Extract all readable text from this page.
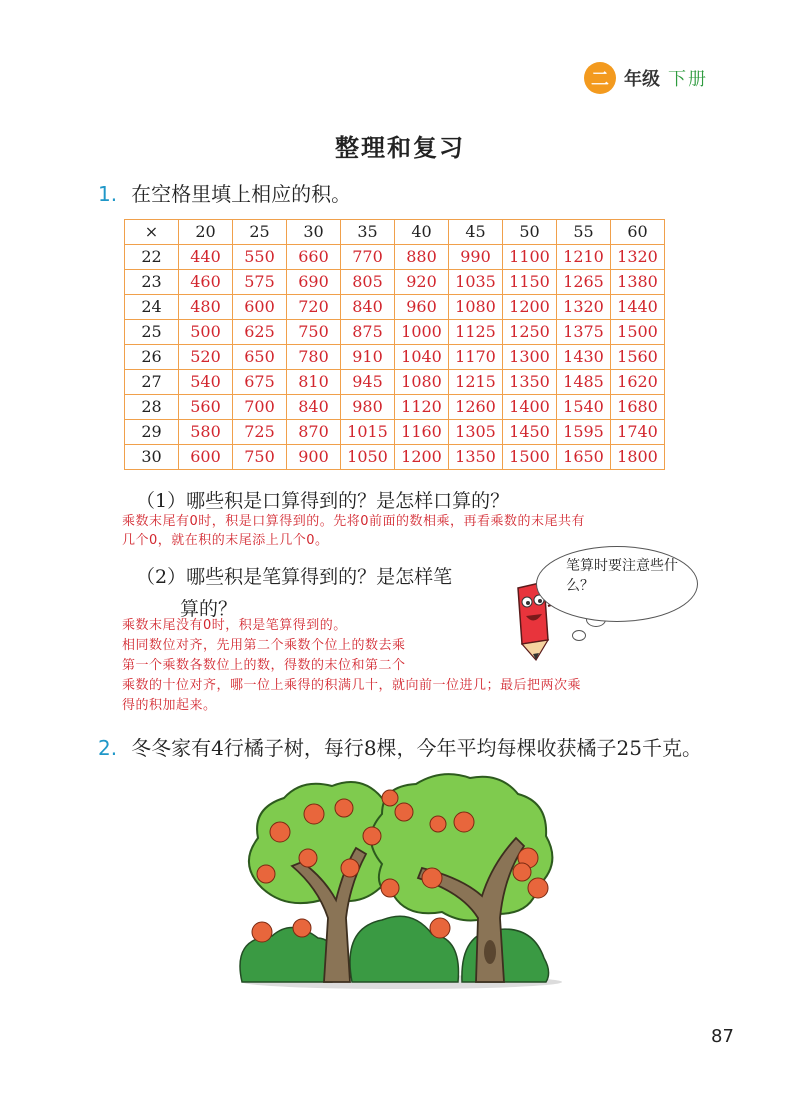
二 年级 下册
整理和复习
1. 在空格里填上相应的积。
×	20	25	30	35	40	45	50	55	60
22	440	550	660	770	880	990	1100	1210	1320
23	460	575	690	805	920	1035	1150	1265	1380
24	480	600	720	840	960	1080	1200	1320	1440
25	500	625	750	875	1000	1125	1250	1375	1500
26	520	650	780	910	1040	1170	1300	1430	1560
27	540	675	810	945	1080	1215	1350	1485	1620
28	560	700	840	980	1120	1260	1400	1540	1680
29	580	725	870	1015	1160	1305	1450	1595	1740
30	600	750	900	1050	1200	1350	1500	1650	1800
（1）哪些积是口算得到的？是怎样口算的？
乘数末尾有0时，积是口算得到的。先将0前面的数相乘，再看乘数的末尾共有
几个0，就在积的末尾添上几个0。
（2）哪些积是笔算得到的？是怎样笔
算的？
乘数末尾没有0时，积是笔算得到的。
相同数位对齐，先用第二个乘数个位上的数去乘
第一个乘数各数位上的数，得数的末位和第二个
乘数的十位对齐，哪一位上乘得的积满几十，就向前一位进几；最后把两次乘
得的积加起来。
笔算时要注意些什么？
2. 冬冬家有4行橘子树，每行8棵，今年平均每棵收获橘子25千克。
87
